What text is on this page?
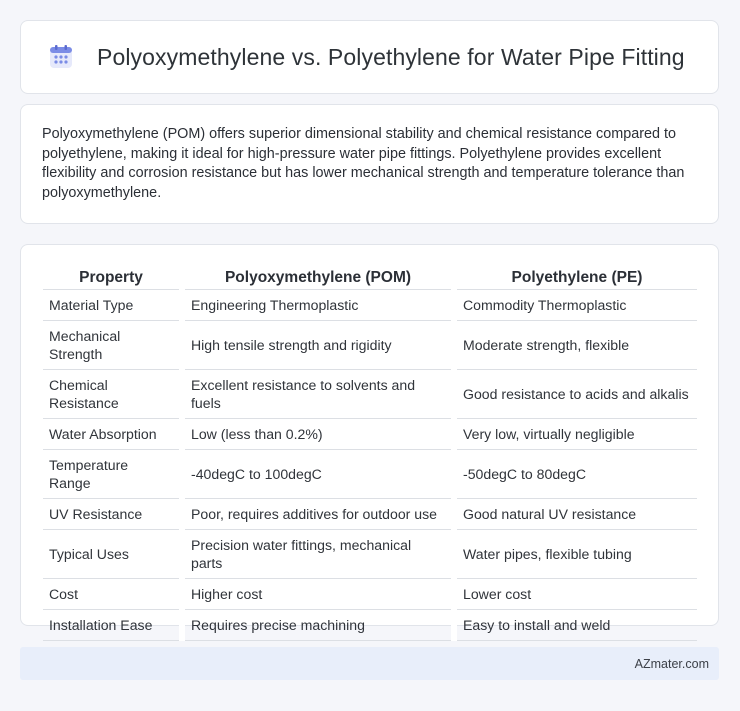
Polyoxymethylene vs. Polyethylene for Water Pipe Fitting

Polyoxymethylene (POM) offers superior dimensional stability and chemical resistance compared to polyethylene, making it ideal for high-pressure water pipe fittings. Polyethylene provides excellent flexibility and corrosion resistance but has lower mechanical strength and temperature tolerance than polyoxymethylene.

Property	Polyoxymethylene (POM)	Polyethylene (PE)
Material Type	Engineering Thermoplastic	Commodity Thermoplastic
Mechanical Strength	High tensile strength and rigidity	Moderate strength, flexible
Chemical Resistance	Excellent resistance to solvents and fuels	Good resistance to acids and alkalis
Water Absorption	Low (less than 0.2%)	Very low, virtually negligible
Temperature Range	-40degC to 100degC	-50degC to 80degC
UV Resistance	Poor, requires additives for outdoor use	Good natural UV resistance
Typical Uses	Precision water fittings, mechanical parts	Water pipes, flexible tubing
Cost	Higher cost	Lower cost
Installation Ease	Requires precise machining	Easy to install and weld
AZmater.com
